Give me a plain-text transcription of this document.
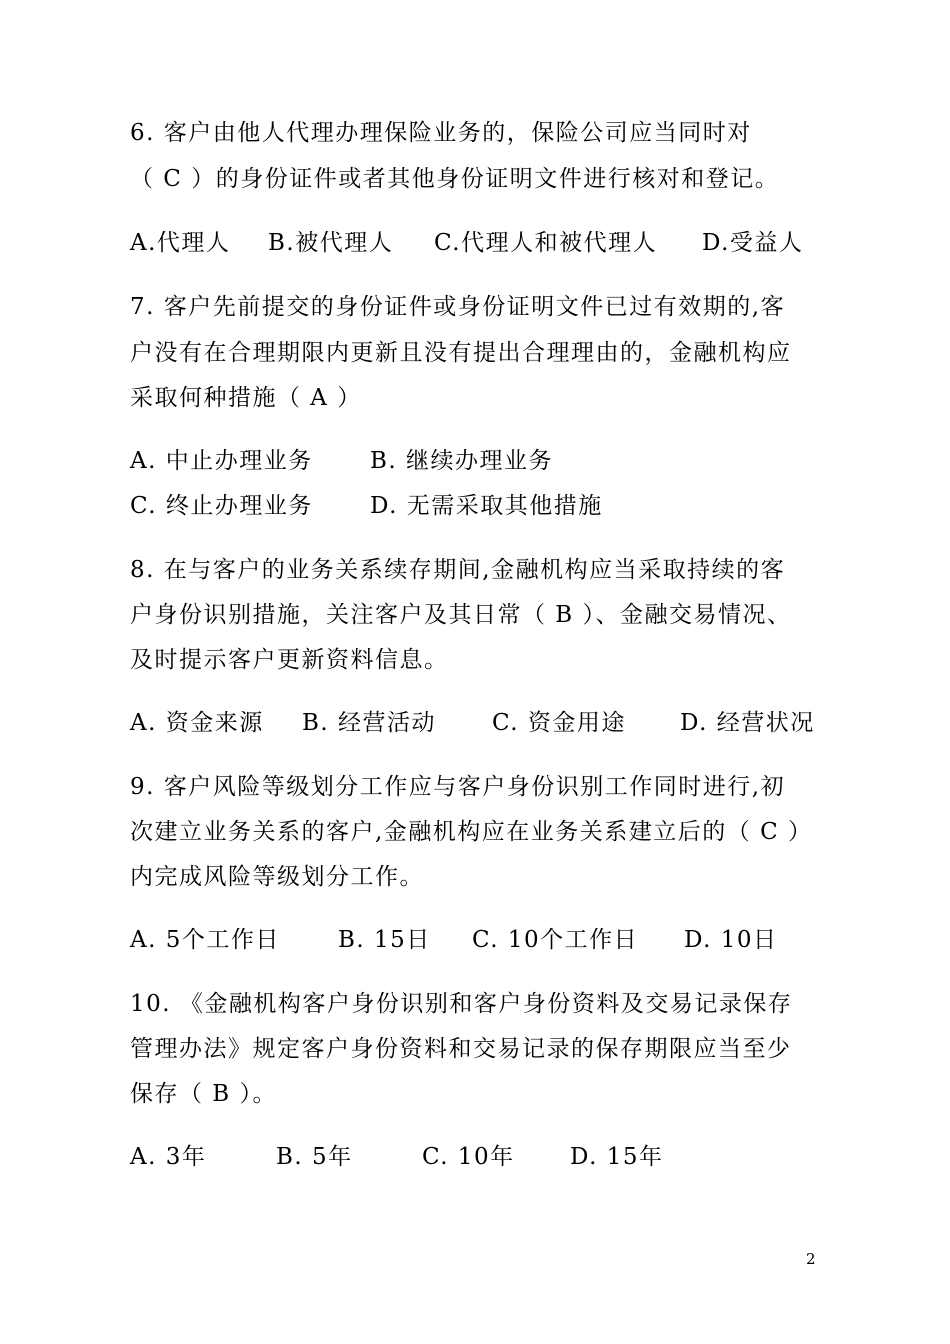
6. 客户由他人代理办理保险业务的，保险公司应当同时对
（ C ）的身份证件或者其他身份证明文件进行核对和登记。
A.代理人 B.被代理人 C.代理人和被代理人 D.受益人
7. 客户先前提交的身份证件或身份证明文件已过有效期的,客
户没有在合理期限内更新且没有提出合理理由的，金融机构应
采取何种措施（ A ）
A. 中止办理业务 B. 继续办理业务
C. 终止办理业务 D. 无需采取其他措施
8. 在与客户的业务关系续存期间,金融机构应当采取持续的客
户身份识别措施，关注客户及其日常（ B ）、金融交易情况、
及时提示客户更新资料信息。
A. 资金来源 B. 经营活动 C. 资金用途 D. 经营状况
9. 客户风险等级划分工作应与客户身份识别工作同时进行,初
次建立业务关系的客户,金融机构应在业务关系建立后的（ C ）
内完成风险等级划分工作。
A. 5个工作日	B. 15日 C. 10个工作日 D. 10日
10. 《金融机构客户身份识别和客户身份资料及交易记录保存
管理办法》规定客户身份资料和交易记录的保存期限应当至少
保存（ B ）。
A. 3年	B. 5年	C. 10年 D. 15年
2
